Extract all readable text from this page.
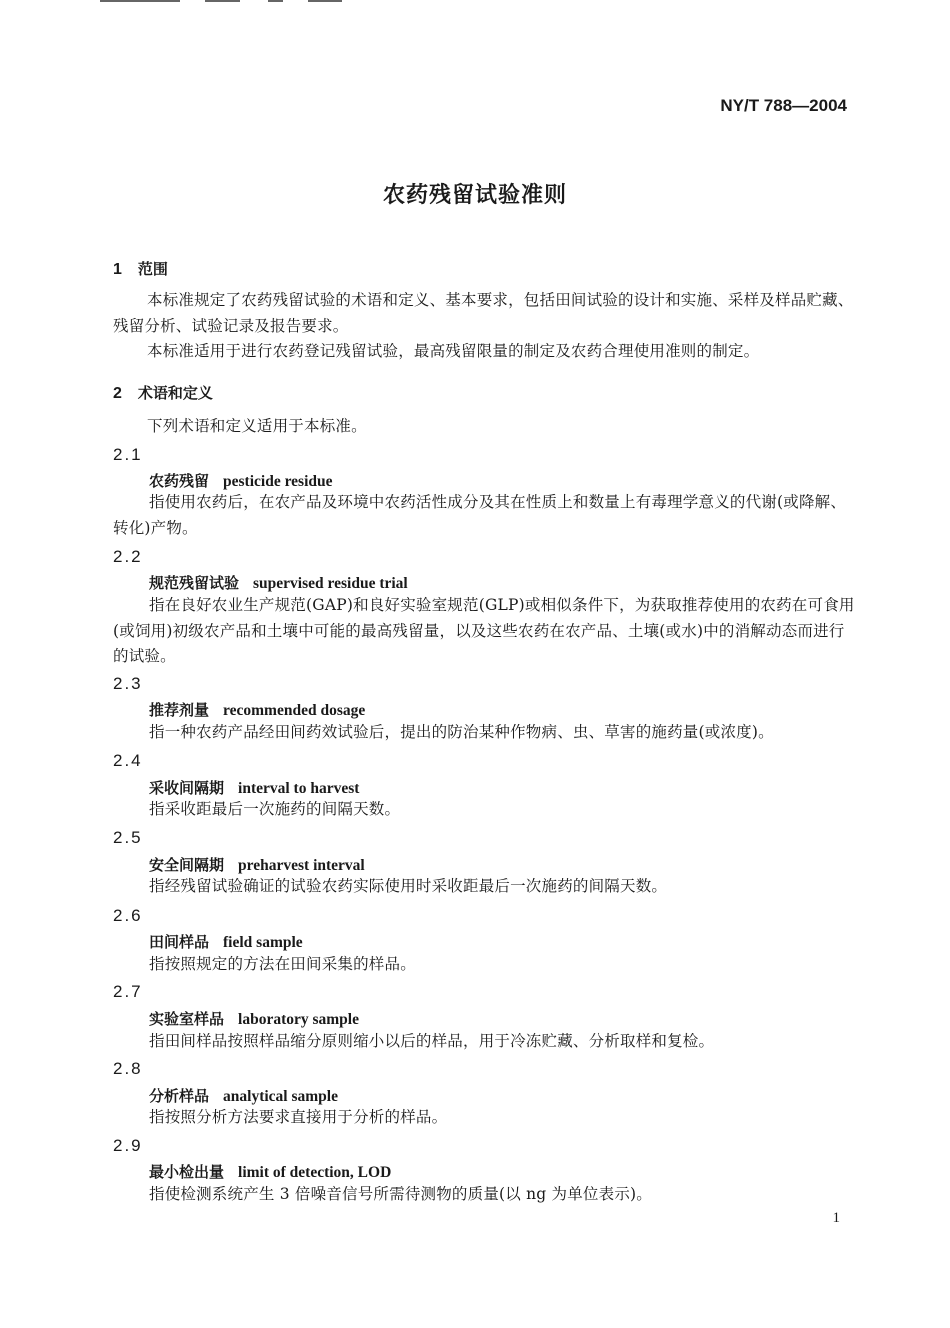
NY/T 788—2004
农药残留试验准则
1 范围
本标准规定了农药残留试验的术语和定义、基本要求，包括田间试验的设计和实施、采样及样品贮藏、残留分析、试验记录及报告要求。
本标准适用于进行农药登记残留试验，最高残留限量的制定及农药合理使用准则的制定。
2 术语和定义
下列术语和定义适用于本标准。
2.1
农药残留 pesticide residue
指使用农药后，在农产品及环境中农药活性成分及其在性质上和数量上有毒理学意义的代谢(或降解、转化)产物。
2.2
规范残留试验 supervised residue trial
指在良好农业生产规范(GAP)和良好实验室规范(GLP)或相似条件下，为获取推荐使用的农药在可食用(或饲用)初级农产品和土壤中可能的最高残留量，以及这些农药在农产品、土壤(或水)中的消解动态而进行的试验。
2.3
推荐剂量 recommended dosage
指一种农药产品经田间药效试验后，提出的防治某种作物病、虫、草害的施药量(或浓度)。
2.4
采收间隔期 interval to harvest
指采收距最后一次施药的间隔天数。
2.5
安全间隔期 preharvest interval
指经残留试验确证的试验农药实际使用时采收距最后一次施药的间隔天数。
2.6
田间样品 field sample
指按照规定的方法在田间采集的样品。
2.7
实验室样品 laboratory sample
指田间样品按照样品缩分原则缩小以后的样品，用于冷冻贮藏、分析取样和复检。
2.8
分析样品 analytical sample
指按照分析方法要求直接用于分析的样品。
2.9
最小检出量 limit of detection, LOD
指使检测系统产生 3 倍噪音信号所需待测物的质量(以 ng 为单位表示)。
1
